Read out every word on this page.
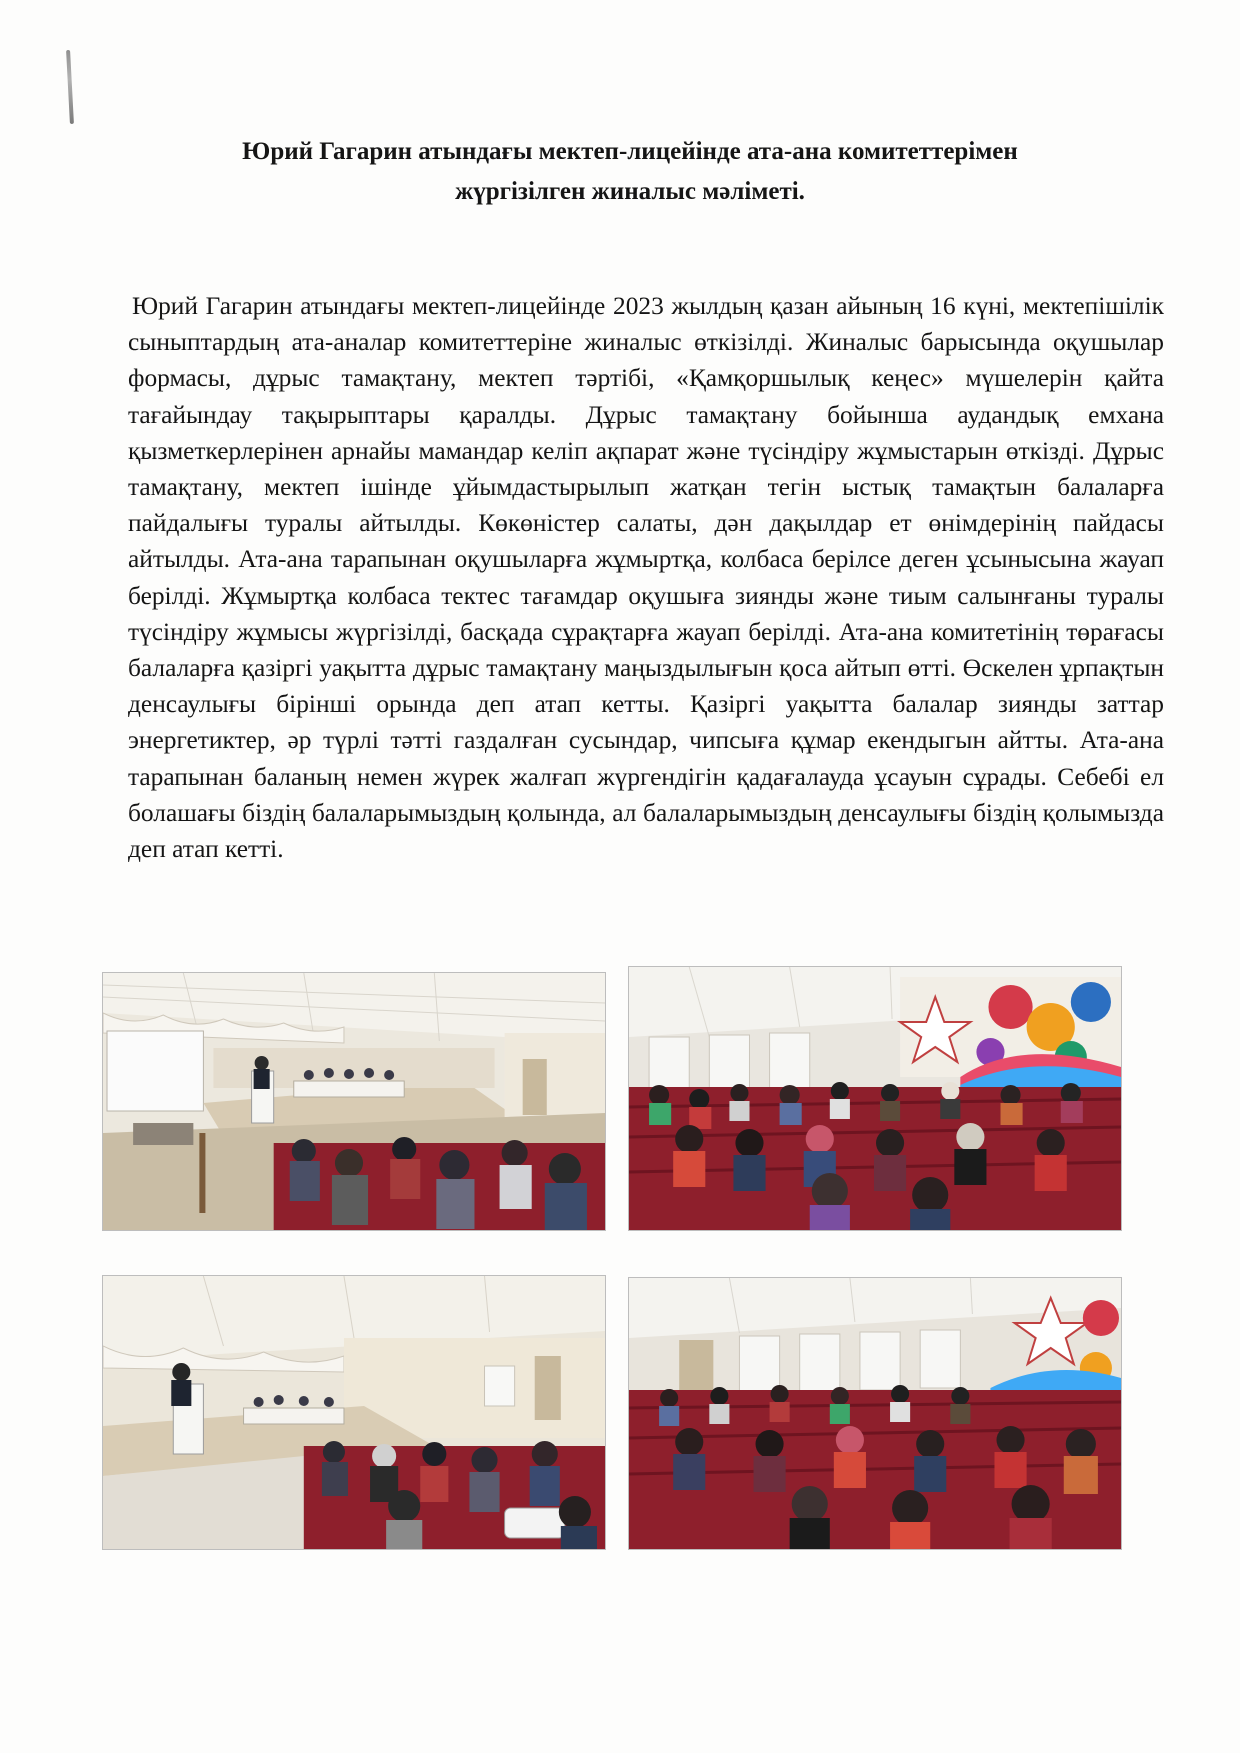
Юрий Гагарин атындағы мектеп-лицейінде ата-ана комитеттерімен
жүргізілген жиналыс мәліметі.

Юрий Гагарин атындағы мектеп-лицейінде 2023 жылдың қазан айының 16 күні, мектепішілік сыныптардың ата-аналар комитеттеріне жиналыс өткізілді. Жиналыс барысында оқушылар формасы, дұрыс тамақтану, мектеп тәртібі, «Қамқоршылық кеңес» мүшелерін қайта тағайындау тақырыптары қаралды. Дұрыс тамақтану бойынша аудандық емхана қызметкерлерінен арнайы мамандар келіп ақпарат және түсіндіру жұмыстарын өткізді. Дұрыс тамақтану, мектеп ішінде ұйымдастырылып жатқан тегін ыстық тамақтын балаларға пайдалығы туралы айтылды. Көкөністер салаты, дән дақылдар ет өнімдерінің пайдасы айтылды. Ата-ана тарапынан оқушыларға жұмыртқа, колбаса берілсе деген ұсынысына жауап берілді. Жұмыртқа колбаса тектес тағамдар оқушыға зиянды және тиым салынғаны туралы түсіндіру жұмысы жүргізілді, басқада сұрақтарға жауап берілді. Ата-ана комитетінің төрағасы балаларға қазіргі уақытта дұрыс тамақтану маңыздылығын қоса айтып өтті. Өскелен ұрпақтын денсаулығы бірінші орында деп атап кетты. Қазіргі уақытта балалар зиянды заттар энергетиктер, әр түрлі тәтті газдалған сусындар, чипсыға құмар екендыгын айтты. Ата-ана тарапынан баланың немен жүрек жалғап жүргендігін қадағалауда ұсауын сұрады. Себебі ел болашағы біздің балаларымыздың қолында, ал балаларымыздың денсаулығы біздің қолымызда деп атап кетті.
